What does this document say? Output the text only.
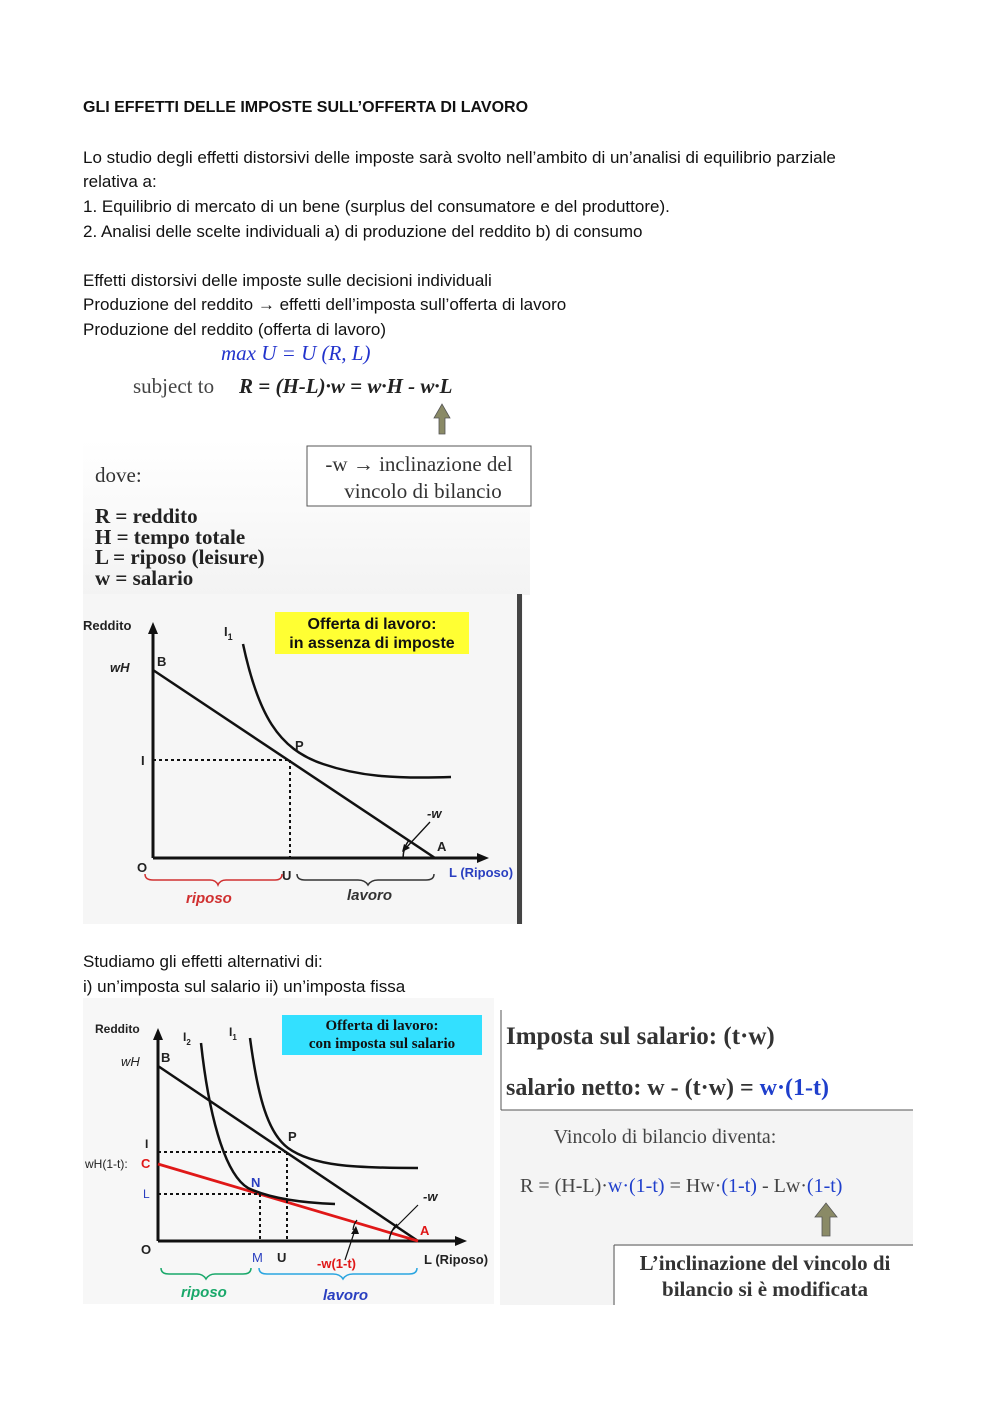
GLI EFFETTI DELLE IMPOSTE SULL’OFFERTA DI LAVORO
Lo studio degli effetti distorsivi delle imposte sarà svolto nell’ambito di un’analisi di equilibrio parziale
relativa a:
1. Equilibrio di mercato di un bene (surplus del consumatore e del produttore).
2. Analisi delle scelte individuali a) di produzione del reddito b) di consumo
Effetti distorsivi delle imposte sulle decisioni individuali
Produzione del reddito → effetti dell’imposta sull’offerta di lavoro
Produzione del reddito (offerta di lavoro)
Studiamo gli effetti alternativi di:
i) un’imposta sul salario ii) un’imposta fissa
max U = U (R, L)
subject to R = (H-L)·w = w·H - w·L
-w → inclinazione del
vincolo di bilancio
dove:
R = reddito
H = tempo totale
L = riposo (leisure)
w = salario
Offerta di lavoro:
in assenza di imposte
Reddito
L (Riposo)
wH B
$I_1$
P
I
-w
A
O
U
riposo	lavoro
Offerta di lavoro:
con imposta sul salario
Reddito
L (Riposo)
$I_2$
$I_1$
wH B
I	P
wH(1-t): C
L
N
-w
A
-w(1-t)
O
M U
riposo	lavoro
Imposta sul salario: (t·w)
salario netto: w - (t·w) = w·(1-t)
Vincolo di bilancio diventa:
R = (H-L)·w·(1-t) = Hw·(1-t) - Lw·(1-t)
L’inclinazione del vincolo di
bilancio si è modificata
